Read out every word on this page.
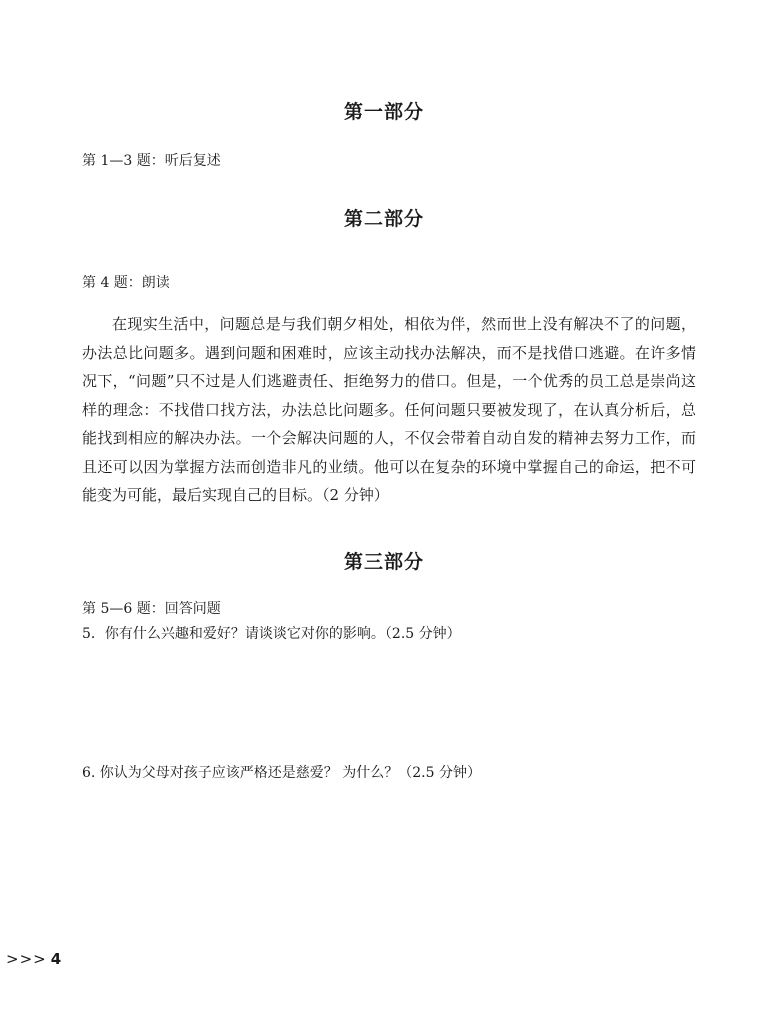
第一部分

第 1—3 题：听后复述

第二部分

第 4 题：朗读

在现实生活中，问题总是与我们朝夕相处，相依为伴，然而世上没有解决不了的问题，办法总比问题多。遇到问题和困难时，应该主动找办法解决，而不是找借口逃避。在许多情况下，“问题”只不过是人们逃避责任、拒绝努力的借口。但是，一个优秀的员工总是崇尚这样的理念：不找借口找方法，办法总比问题多。任何问题只要被发现了，在认真分析后，总能找到相应的解决办法。一个会解决问题的人，不仅会带着自动自发的精神去努力工作，而且还可以因为掌握方法而创造非凡的业绩。他可以在复杂的环境中掌握自己的命运，把不可能变为可能，最后实现自己的目标。（2 分钟）

第三部分

第 5—6 题：回答问题

5．你有什么兴趣和爱好？请谈谈它对你的影响。（2.5 分钟）

6. 你认为父母对孩子应该严格还是慈爱？ 为什么？（2.5 分钟）

>>> 4
